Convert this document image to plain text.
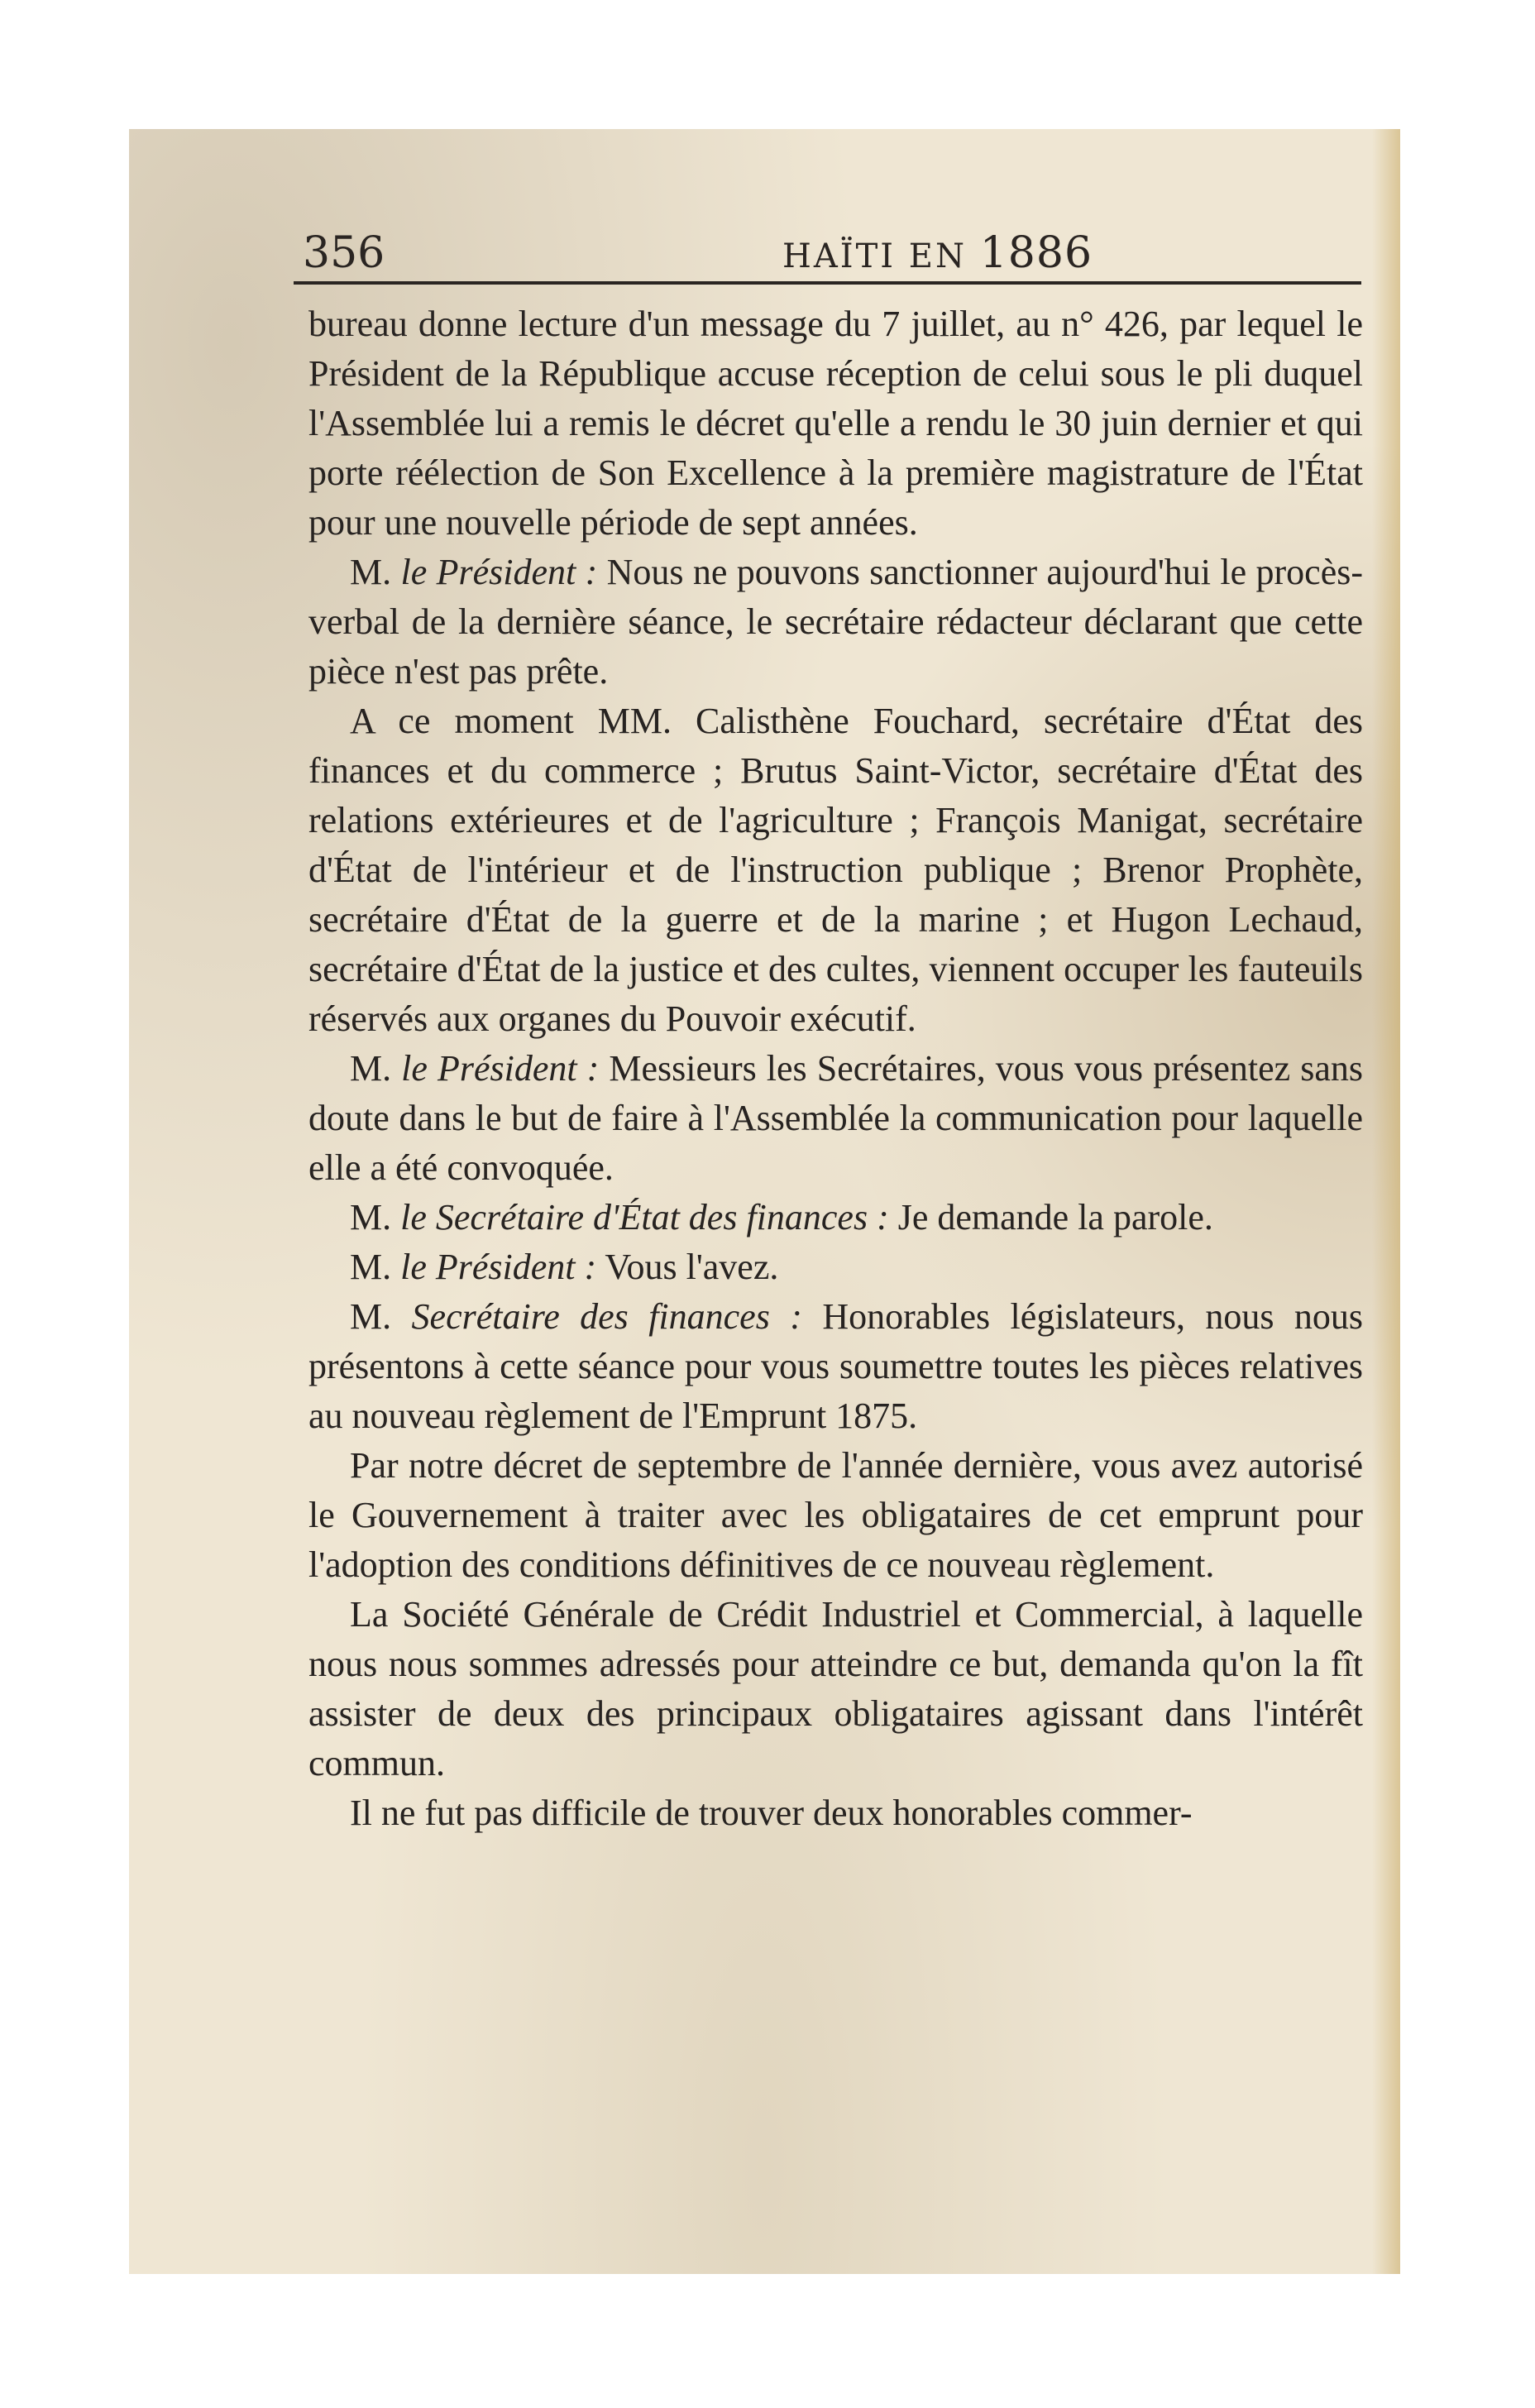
356	HAÏTI EN 1886

bureau donne lecture d'un message du 7 juillet, au n° 426, par lequel le Président de la République accuse réception de celui sous le pli duquel l'Assemblée lui a remis le décret qu'elle a rendu le 30 juin dernier et qui porte réélection de Son Excellence à la première magistrature de l'État pour une nouvelle période de sept années.

M. le Président : Nous ne pouvons sanctionner aujourd'hui le procès-verbal de la dernière séance, le secrétaire rédacteur déclarant que cette pièce n'est pas prête.

A ce moment MM. Calisthène Fouchard, secrétaire d'État des finances et du commerce ; Brutus Saint-Victor, secrétaire d'État des relations extérieures et de l'agriculture ; François Manigat, secrétaire d'État de l'intérieur et de l'instruction publique ; Brenor Prophète, secrétaire d'État de la guerre et de la marine ; et Hugon Lechaud, secrétaire d'État de la justice et des cultes, viennent occuper les fauteuils réservés aux organes du Pouvoir exécutif.

M. le Président : Messieurs les Secrétaires, vous vous présentez sans doute dans le but de faire à l'Assemblée la communication pour laquelle elle a été convoquée.

M. le Secrétaire d'État des finances : Je demande la parole.

M. le Président : Vous l'avez.

M. Secrétaire des finances : Honorables législateurs, nous nous présentons à cette séance pour vous soumettre toutes les pièces relatives au nouveau règlement de l'Emprunt 1875.

Par notre décret de septembre de l'année dernière, vous avez autorisé le Gouvernement à traiter avec les obligataires de cet emprunt pour l'adoption des conditions définitives de ce nouveau règlement.

La Société Générale de Crédit Industriel et Commercial, à laquelle nous nous sommes adressés pour atteindre ce but, demanda qu'on la fît assister de deux des principaux obligataires agissant dans l'intérêt commun.

Il ne fut pas difficile de trouver deux honorables commer-
